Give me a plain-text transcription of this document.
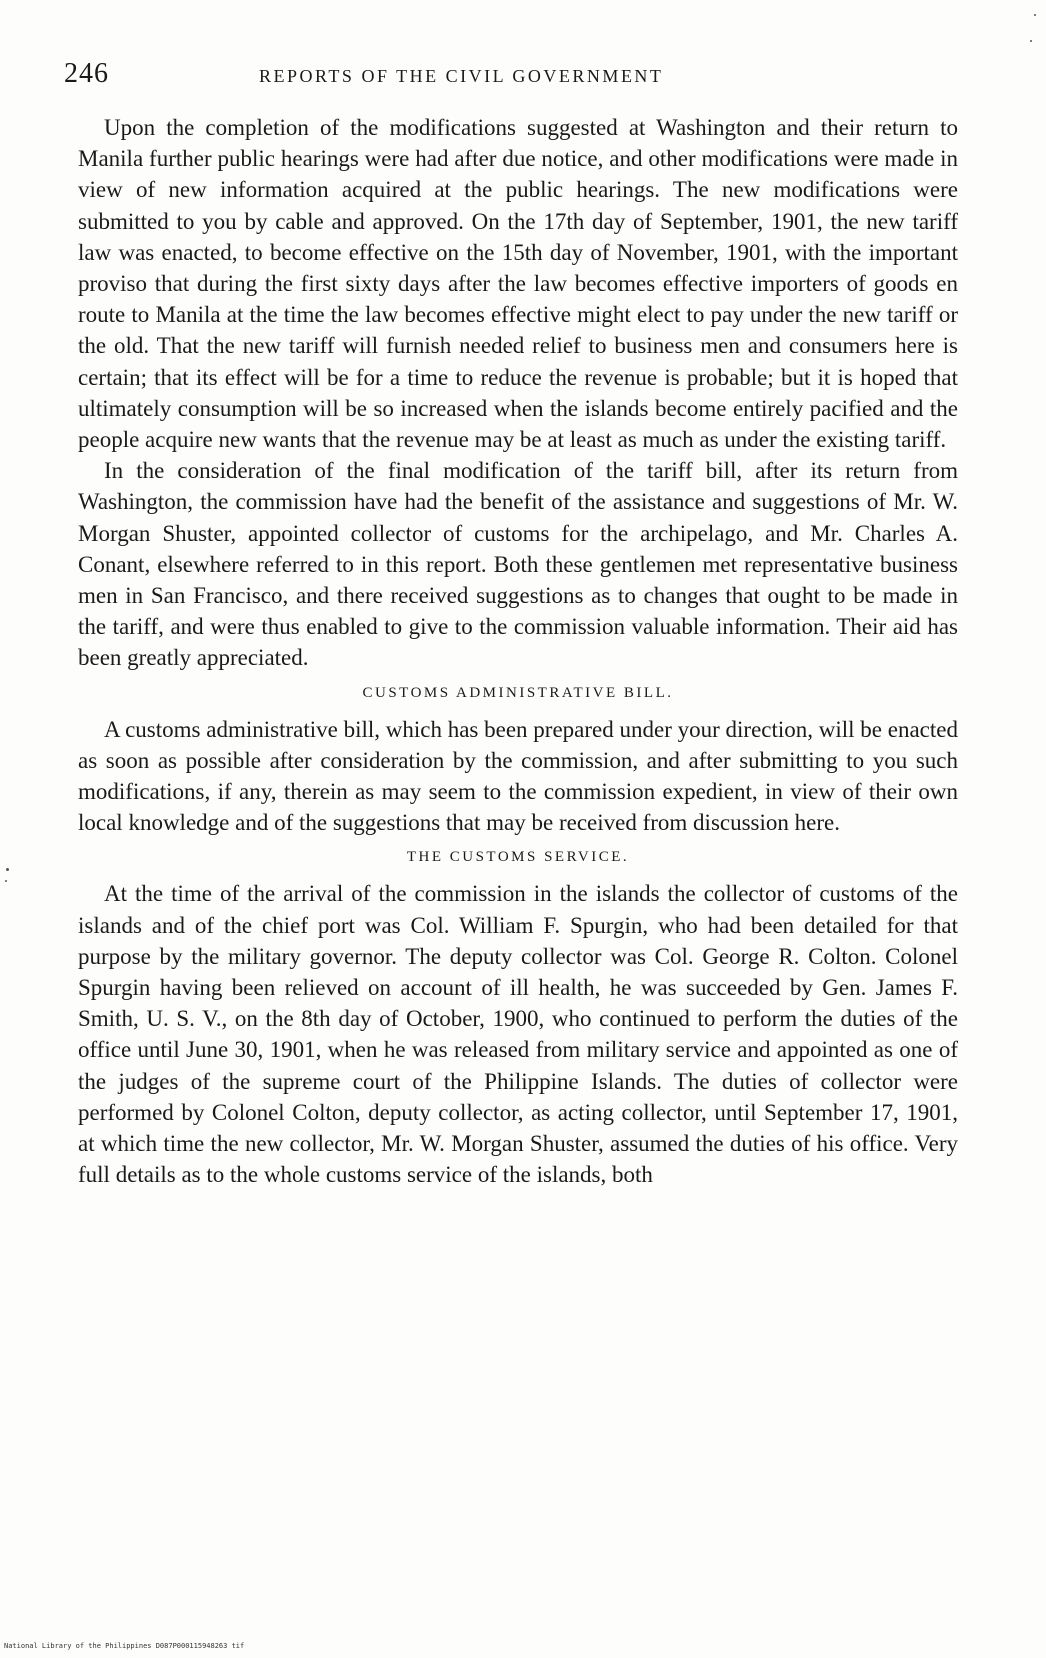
246	REPORTS OF THE CIVIL GOVERNMENT

Upon the completion of the modifications suggested at Washington and their return to Manila further public hearings were had after due notice, and other modifications were made in view of new information acquired at the public hearings. The new modifications were submitted to you by cable and approved. On the 17th day of September, 1901, the new tariff law was enacted, to become effective on the 15th day of November, 1901, with the important proviso that during the first sixty days after the law becomes effective importers of goods en route to Manila at the time the law becomes effective might elect to pay under the new tariff or the old. That the new tariff will furnish needed relief to business men and consumers here is certain; that its effect will be for a time to reduce the revenue is probable; but it is hoped that ultimately consumption will be so increased when the islands become entirely pacified and the people acquire new wants that the revenue may be at least as much as under the existing tariff.

In the consideration of the final modification of the tariff bill, after its return from Washington, the commission have had the benefit of the assistance and suggestions of Mr. W. Morgan Shuster, appointed collector of customs for the archipelago, and Mr. Charles A. Conant, elsewhere referred to in this report. Both these gentlemen met representative business men in San Francisco, and there received suggestions as to changes that ought to be made in the tariff, and were thus enabled to give to the commission valuable information. Their aid has been greatly appreciated.

CUSTOMS ADMINISTRATIVE BILL.

A customs administrative bill, which has been prepared under your direction, will be enacted as soon as possible after consideration by the commission, and after submitting to you such modifications, if any, therein as may seem to the commission expedient, in view of their own local knowledge and of the suggestions that may be received from discussion here.

THE CUSTOMS SERVICE.

At the time of the arrival of the commission in the islands the collector of customs of the islands and of the chief port was Col. William F. Spurgin, who had been detailed for that purpose by the military governor. The deputy collector was Col. George R. Colton. Colonel Spurgin having been relieved on account of ill health, he was succeeded by Gen. James F. Smith, U. S. V., on the 8th day of October, 1900, who continued to perform the duties of the office until June 30, 1901, when he was released from military service and appointed as one of the judges of the supreme court of the Philippine Islands. The duties of collector were performed by Colonel Colton, deputy collector, as acting collector, until September 17, 1901, at which time the new collector, Mr. W. Morgan Shuster, assumed the duties of his office. Very full details as to the whole customs service of the islands, both

National Library of the Philippines D087P000115948263 tif
